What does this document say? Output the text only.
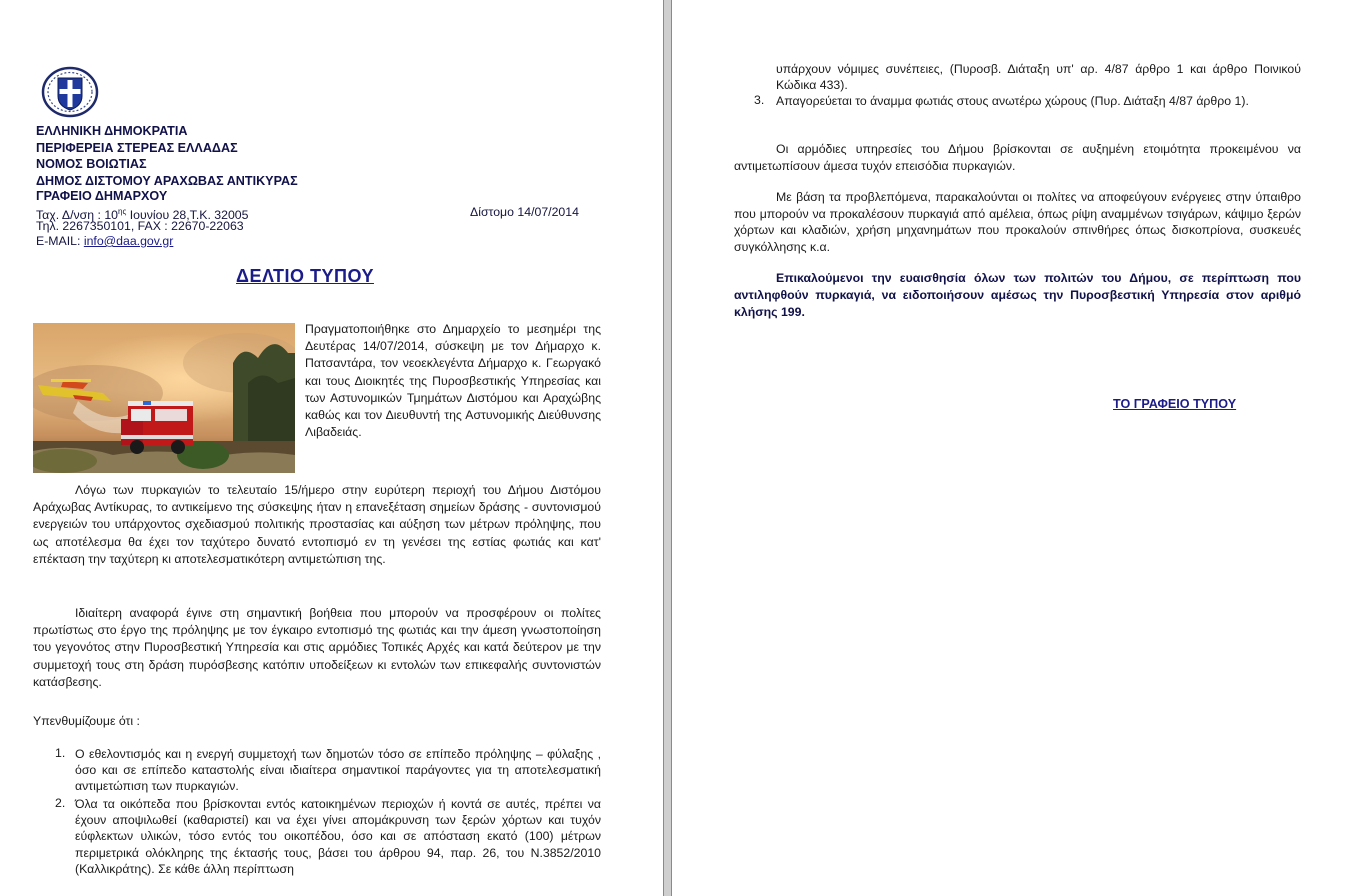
ΕΛΛΗΝΙΚΗ ΔΗΜΟΚΡΑΤΙΑ
ΠΕΡΙΦΕΡΕΙΑ ΣΤΕΡΕΑΣ ΕΛΛΑΔΑΣ
ΝΟΜΟΣ ΒΟΙΩΤΙΑΣ
ΔΗΜΟΣ ΔΙΣΤΟΜΟΥ ΑΡΑΧΩΒΑΣ ΑΝΤΙΚΥΡΑΣ
ΓΡΑΦΕΙΟ ΔΗΜΑΡΧΟΥ
Ταχ. Δ/νση : $10^{\eta\varsigma}$ Ιουνίου 28,Τ.Κ. 32005
Τηλ. 2267350101, FAX : 22670-22063
E-MAIL: info@daa.gov.gr
Δίστομο 14/07/2014
ΔΕΛΤΙΟ ΤΥΠΟΥ
Πραγματοποιήθηκε στο Δημαρχείο το μεσημέρι της Δευτέρας 14/07/2014, σύσκεψη με τον Δήμαρχο κ. Πατσαντάρα, τον νεοεκλεγέντα Δήμαρχο κ. Γεωργακό και τους Διοικητές της Πυροσβεστικής Υπηρεσίας και των Αστυνομικών Τμημάτων Διστόμου και Αραχώβης καθώς και τον Διευθυντή της Αστυνομικής Διεύθυνσης Λιβαδειάς.
Λόγω των πυρκαγιών το τελευταίο 15/ήμερο στην ευρύτερη περιοχή του Δήμου Διστόμου Αράχωβας Αντίκυρας, το αντικείμενο της σύσκεψης ήταν η επανεξέταση σημείων δράσης - συντονισμού ενεργειών του υπάρχοντος σχεδιασμού πολιτικής προστασίας και αύξηση των μέτρων πρόληψης, που ως αποτέλεσμα θα έχει τον ταχύτερο δυνατό εντοπισμό εν τη γενέσει της εστίας φωτιάς και κατ' επέκταση την ταχύτερη κι αποτελεσματικότερη αντιμετώπιση της.
Ιδιαίτερη αναφορά έγινε στη σημαντική βοήθεια που μπορούν να προσφέρουν οι πολίτες πρωτίστως στο έργο της πρόληψης με τον έγκαιρο εντοπισμό της φωτιάς και την άμεση γνωστοποίηση του γεγονότος στην Πυροσβεστική Υπηρεσία και στις αρμόδιες Τοπικές Αρχές και κατά δεύτερον με την συμμετοχή τους στη δράση πυρόσβεσης κατόπιν υποδείξεων κι εντολών των επικεφαλής συντονιστών κατάσβεσης.
Υπενθυμίζουμε ότι :
1. Ο εθελοντισμός και η ενεργή συμμετοχή των δημοτών τόσο σε επίπεδο πρόληψης – φύλαξης , όσο και σε επίπεδο καταστολής είναι ιδιαίτερα σημαντικοί παράγοντες για τη αποτελεσματική αντιμετώπιση των πυρκαγιών.
2. Όλα τα οικόπεδα που βρίσκονται εντός κατοικημένων περιοχών ή κοντά σε αυτές, πρέπει να έχουν αποψιλωθεί (καθαριστεί) και να έχει γίνει απομάκρυνση των ξερών χόρτων και τυχόν εύφλεκτων υλικών, τόσο εντός του οικοπέδου, όσο και σε απόσταση εκατό (100) μέτρων περιμετρικά ολόκληρης της έκτασής τους, βάσει του άρθρου 94, παρ. 26, του Ν.3852/2010 (Καλλικράτης). Σε κάθε άλλη περίπτωση
υπάρχουν νόμιμες συνέπειες, (Πυροσβ. Διάταξη υπ' αρ. 4/87 άρθρο 1 και άρθρο Ποινικού Κώδικα 433).
3. Απαγορεύεται το άναμμα φωτιάς στους ανωτέρω χώρους (Πυρ. Διάταξη 4/87 άρθρο 1).
Οι αρμόδιες υπηρεσίες του Δήμου βρίσκονται σε αυξημένη ετοιμότητα προκειμένου να αντιμετωπίσουν άμεσα τυχόν επεισόδια πυρκαγιών.
Με βάση τα προβλεπόμενα, παρακαλούνται οι πολίτες να αποφεύγουν ενέργειες στην ύπαιθρο που μπορούν να προκαλέσουν πυρκαγιά από αμέλεια, όπως ρίψη αναμμένων τσιγάρων, κάψιμο ξερών χόρτων και κλαδιών, χρήση μηχανημάτων που προκαλούν σπινθήρες όπως δισκοπρίονα, συσκευές συγκόλλησης κ.α.
Επικαλούμενοι την ευαισθησία όλων των πολιτών του Δήμου, σε περίπτωση που αντιληφθούν πυρκαγιά, να ειδοποιήσουν αμέσως την Πυροσβεστική Υπηρεσία στον αριθμό κλήσης 199.
ΤΟ ΓΡΑΦΕΙΟ ΤΥΠΟΥ
